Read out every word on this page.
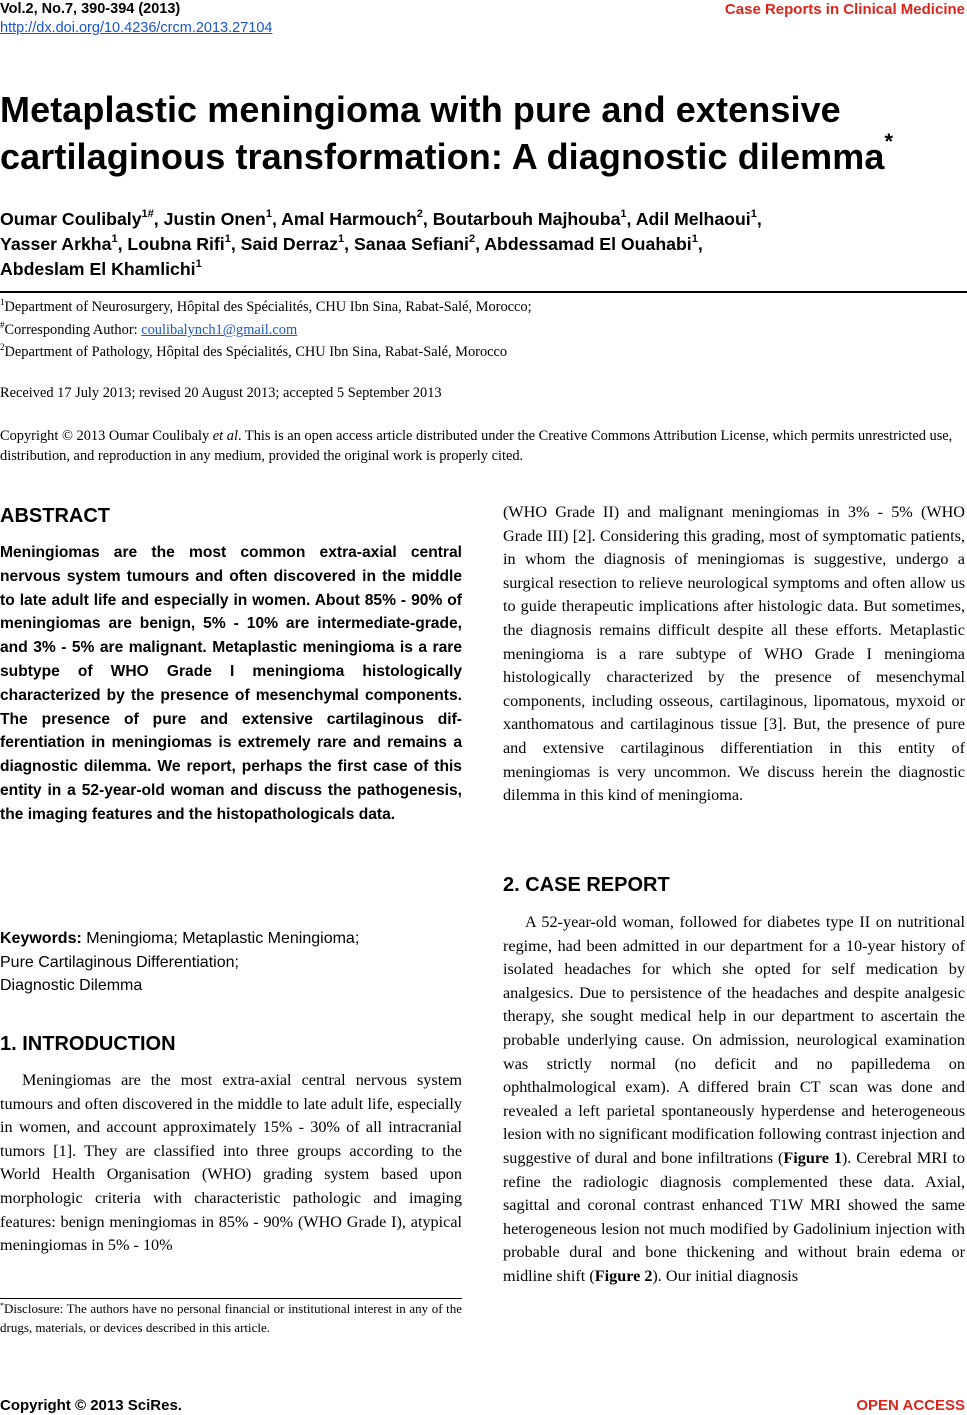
Vol.2, No.7, 390-394 (2013)
http://dx.doi.org/10.4236/crcm.2013.27104
Case Reports in Clinical Medicine
Metaplastic meningioma with pure and extensive
cartilaginous transformation: A diagnostic dilemma*
Oumar Coulibaly$^{1\#}$, Justin Onen$^1$, Amal Harmouch$^2$, Boutarbouh Majhouba$^1$, Adil Melhaoui$^1$,
Yasser Arkha$^1$, Loubna Rifi$^1$, Said Derraz$^1$, Sanaa Sefiani$^2$, Abdessamad El Ouahabi$^1$,
Abdeslam El Khamlichi$^1$
$^1$Department of Neurosurgery, Hôpital des Spécialités, CHU Ibn Sina, Rabat-Salé, Morocco;
#Corresponding Author: coulibalynch1@gmail.com
$^2$Department of Pathology, Hôpital des Spécialités, CHU Ibn Sina, Rabat-Salé, Morocco
Received 17 July 2013; revised 20 August 2013; accepted 5 September 2013
Copyright © 2013 Oumar Coulibaly et al. This is an open access article distributed under the Creative Commons Attribution License, which permits unrestricted use, distribution, and reproduction in any medium, provided the original work is properly cited.
ABSTRACT
Meningiomas are the most common extra-axial central nervous system tumours and often discovered in the middle to late adult life and especially in women. About 85% - 90% of meningiomas are benign, 5% - 10% are intermediate-grade, and 3% - 5% are malignant. Metaplastic meningioma is a rare subtype of WHO Grade I meningioma histologically characterized by the presence of mesenchymal components. The presence of pure and extensive cartilaginous differentiation in meningiomas is extremely rare and remains a diagnostic dilemma. We report, perhaps the first case of this entity in a 52-year-old woman and discuss the pathogenesis, the imaging features and the histopathologicals data.
Keywords: Meningioma; Metaplastic Meningioma;
Pure Cartilaginous Differentiation;
Diagnostic Dilemma
1. INTRODUCTION
Meningiomas are the most extra-axial central nervous system tumours and often discovered in the middle to late adult life, especially in women, and account approximately 15% - 30% of all intracranial tumors [1]. They are classified into three groups according to the World Health Organisation (WHO) grading system based upon morphologic criteria with characteristic pathologic and imaging features: benign meningiomas in 85% - 90% (WHO Grade I), atypical meningiomas in 5% - 10%
*Disclosure: The authors have no personal financial or institutional interest in any of the drugs, materials, or devices described in this article.
(WHO Grade II) and malignant meningiomas in 3% - 5% (WHO Grade III) [2]. Considering this grading, most of symptomatic patients, in whom the diagnosis of meningiomas is suggestive, undergo a surgical resection to relieve neurological symptoms and often allow us to guide therapeutic implications after histologic data. But sometimes, the diagnosis remains difficult despite all these efforts. Metaplastic meningioma is a rare subtype of WHO Grade I meningioma histologically characterized by the presence of mesenchymal components, including osseous, cartilaginous, lipomatous, myxoid or xanthomatous and cartilaginous tissue [3]. But, the presence of pure and extensive cartilaginous differentiation in this entity of meningiomas is very uncommon. We discuss herein the diagnostic dilemma in this kind of meningioma.
2. CASE REPORT
A 52-year-old woman, followed for diabetes type II on nutritional regime, had been admitted in our department for a 10-year history of isolated headaches for which she opted for self medication by analgesics. Due to persistence of the headaches and despite analgesic therapy, she sought medical help in our department to ascertain the probable underlying cause. On admission, neurological examination was strictly normal (no deficit and no papilledema on ophthalmological exam). A differed brain CT scan was done and revealed a left parietal spontaneously hyperdense and heterogeneous lesion with no significant modification following contrast injection and suggestive of dural and bone infiltrations (Figure 1). Cerebral MRI to refine the radiologic diagnosis complemented these data. Axial, sagittal and coronal contrast enhanced T1W MRI showed the same heterogeneous lesion not much modified by Gadolinium injection with probable dural and bone thickening and without brain edema or midline shift (Figure 2). Our initial diagnosis
Copyright © 2013 SciRes.	OPEN ACCESS
